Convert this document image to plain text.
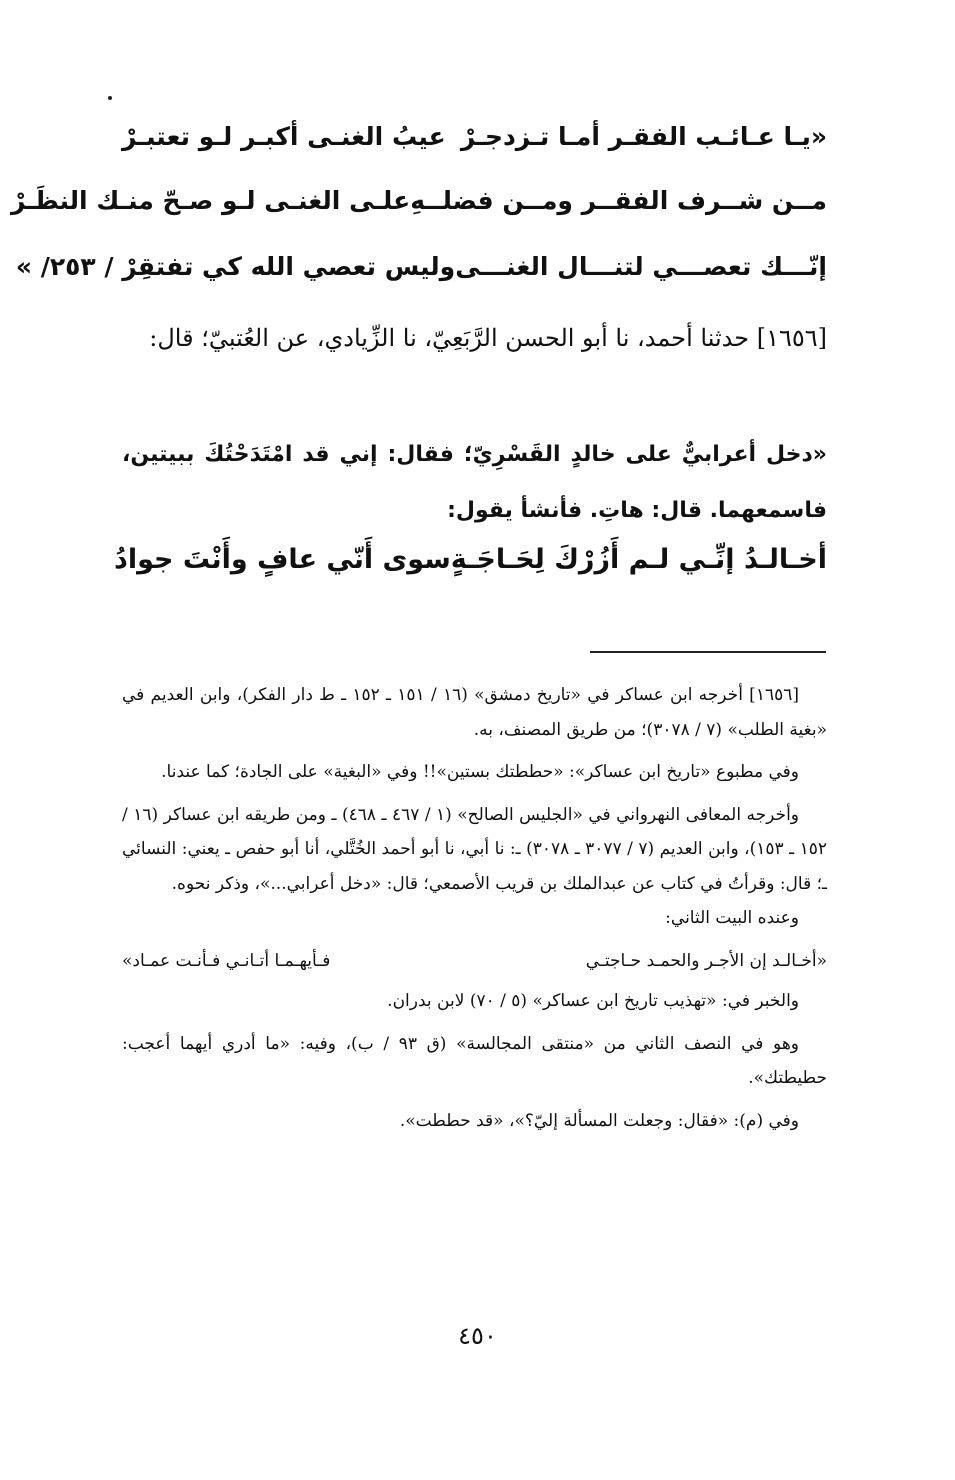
«يـا عـائـب الفقـر أمـا تـزدجـرْ
عيبُ الغنـى أكبـر لـو تعتبـرْ
مــن شــرف الفقــر ومــن فضلــهِ
علـى الغنـى لـو صـحّ منـك النظَـرْ
إنّـــك تعصـــي لتنـــال الغنـــى
وليس تعصي الله كي تفتقِرْ / ٢٥٣/ »
[١٦٥٦] حدثنا أحمد، نا أبو الحسن الرَّبَعِيّ، نا الزِّيادي، عن العُتبيّ؛ قال:
«دخل أعرابيٌّ على خالدٍ القَسْرِيّ؛ فقال: إني قد امْتَدَحْتُكَ ببيتين، فاسمعهما. قال: هاتِ. فأنشأ يقول:
أخـالـدُ إنِّـي لـم أَزُرْكَ لِحَـاجَـةٍ
سوى أَنّي عافٍ وأَنْتَ جوادُ

[١٦٥٦] أخرجه ابن عساكر في «تاريخ دمشق» (١٦ / ١٥١ ـ ١٥٢ ـ ط دار الفكر)، وابن العديم في «بغية الطلب» (٧ / ٣٠٧٨)؛ من طريق المصنف، به.

وفي مطبوع «تاريخ ابن عساكر»: «حططتك بستين»!! وفي «البغية» على الجادة؛ كما عندنا.

وأخرجه المعافى النهرواني في «الجليس الصالح» (١ / ٤٦٧ ـ ٤٦٨) ـ ومن طريقه ابن عساكر (١٦ / ١٥٢ ـ ١٥٣)، وابن العديم (٧ / ٣٠٧٧ ـ ٣٠٧٨) ـ: نا أبي، نا أبو أحمد الخُتَّلي، أنا أبو حفص ـ يعني: النسائي ـ؛ قال: وقرأتُ في كتاب عن عبدالملك بن قريب الأصمعي؛ قال: «دخل أعرابي...»، وذكر نحوه.

وعنده البيت الثاني:

«أخـالـد إن الأجـر والحمـد حـاجتـي
فـأيهـمـا أتـانـي فـأنـت عمـاد»

والخبر في: «تهذيب تاريخ ابن عساكر» (٥ / ٧٠) لابن بدران.

وهو في النصف الثاني من «منتقى المجالسة» (ق ٩٣ / ب)، وفيه: «ما أدري أيهما أعجب: حطيطتك».

وفي (م): «فقال: وجعلت المسألة إليّ؟»، «قد حططت».

٤٥٠
